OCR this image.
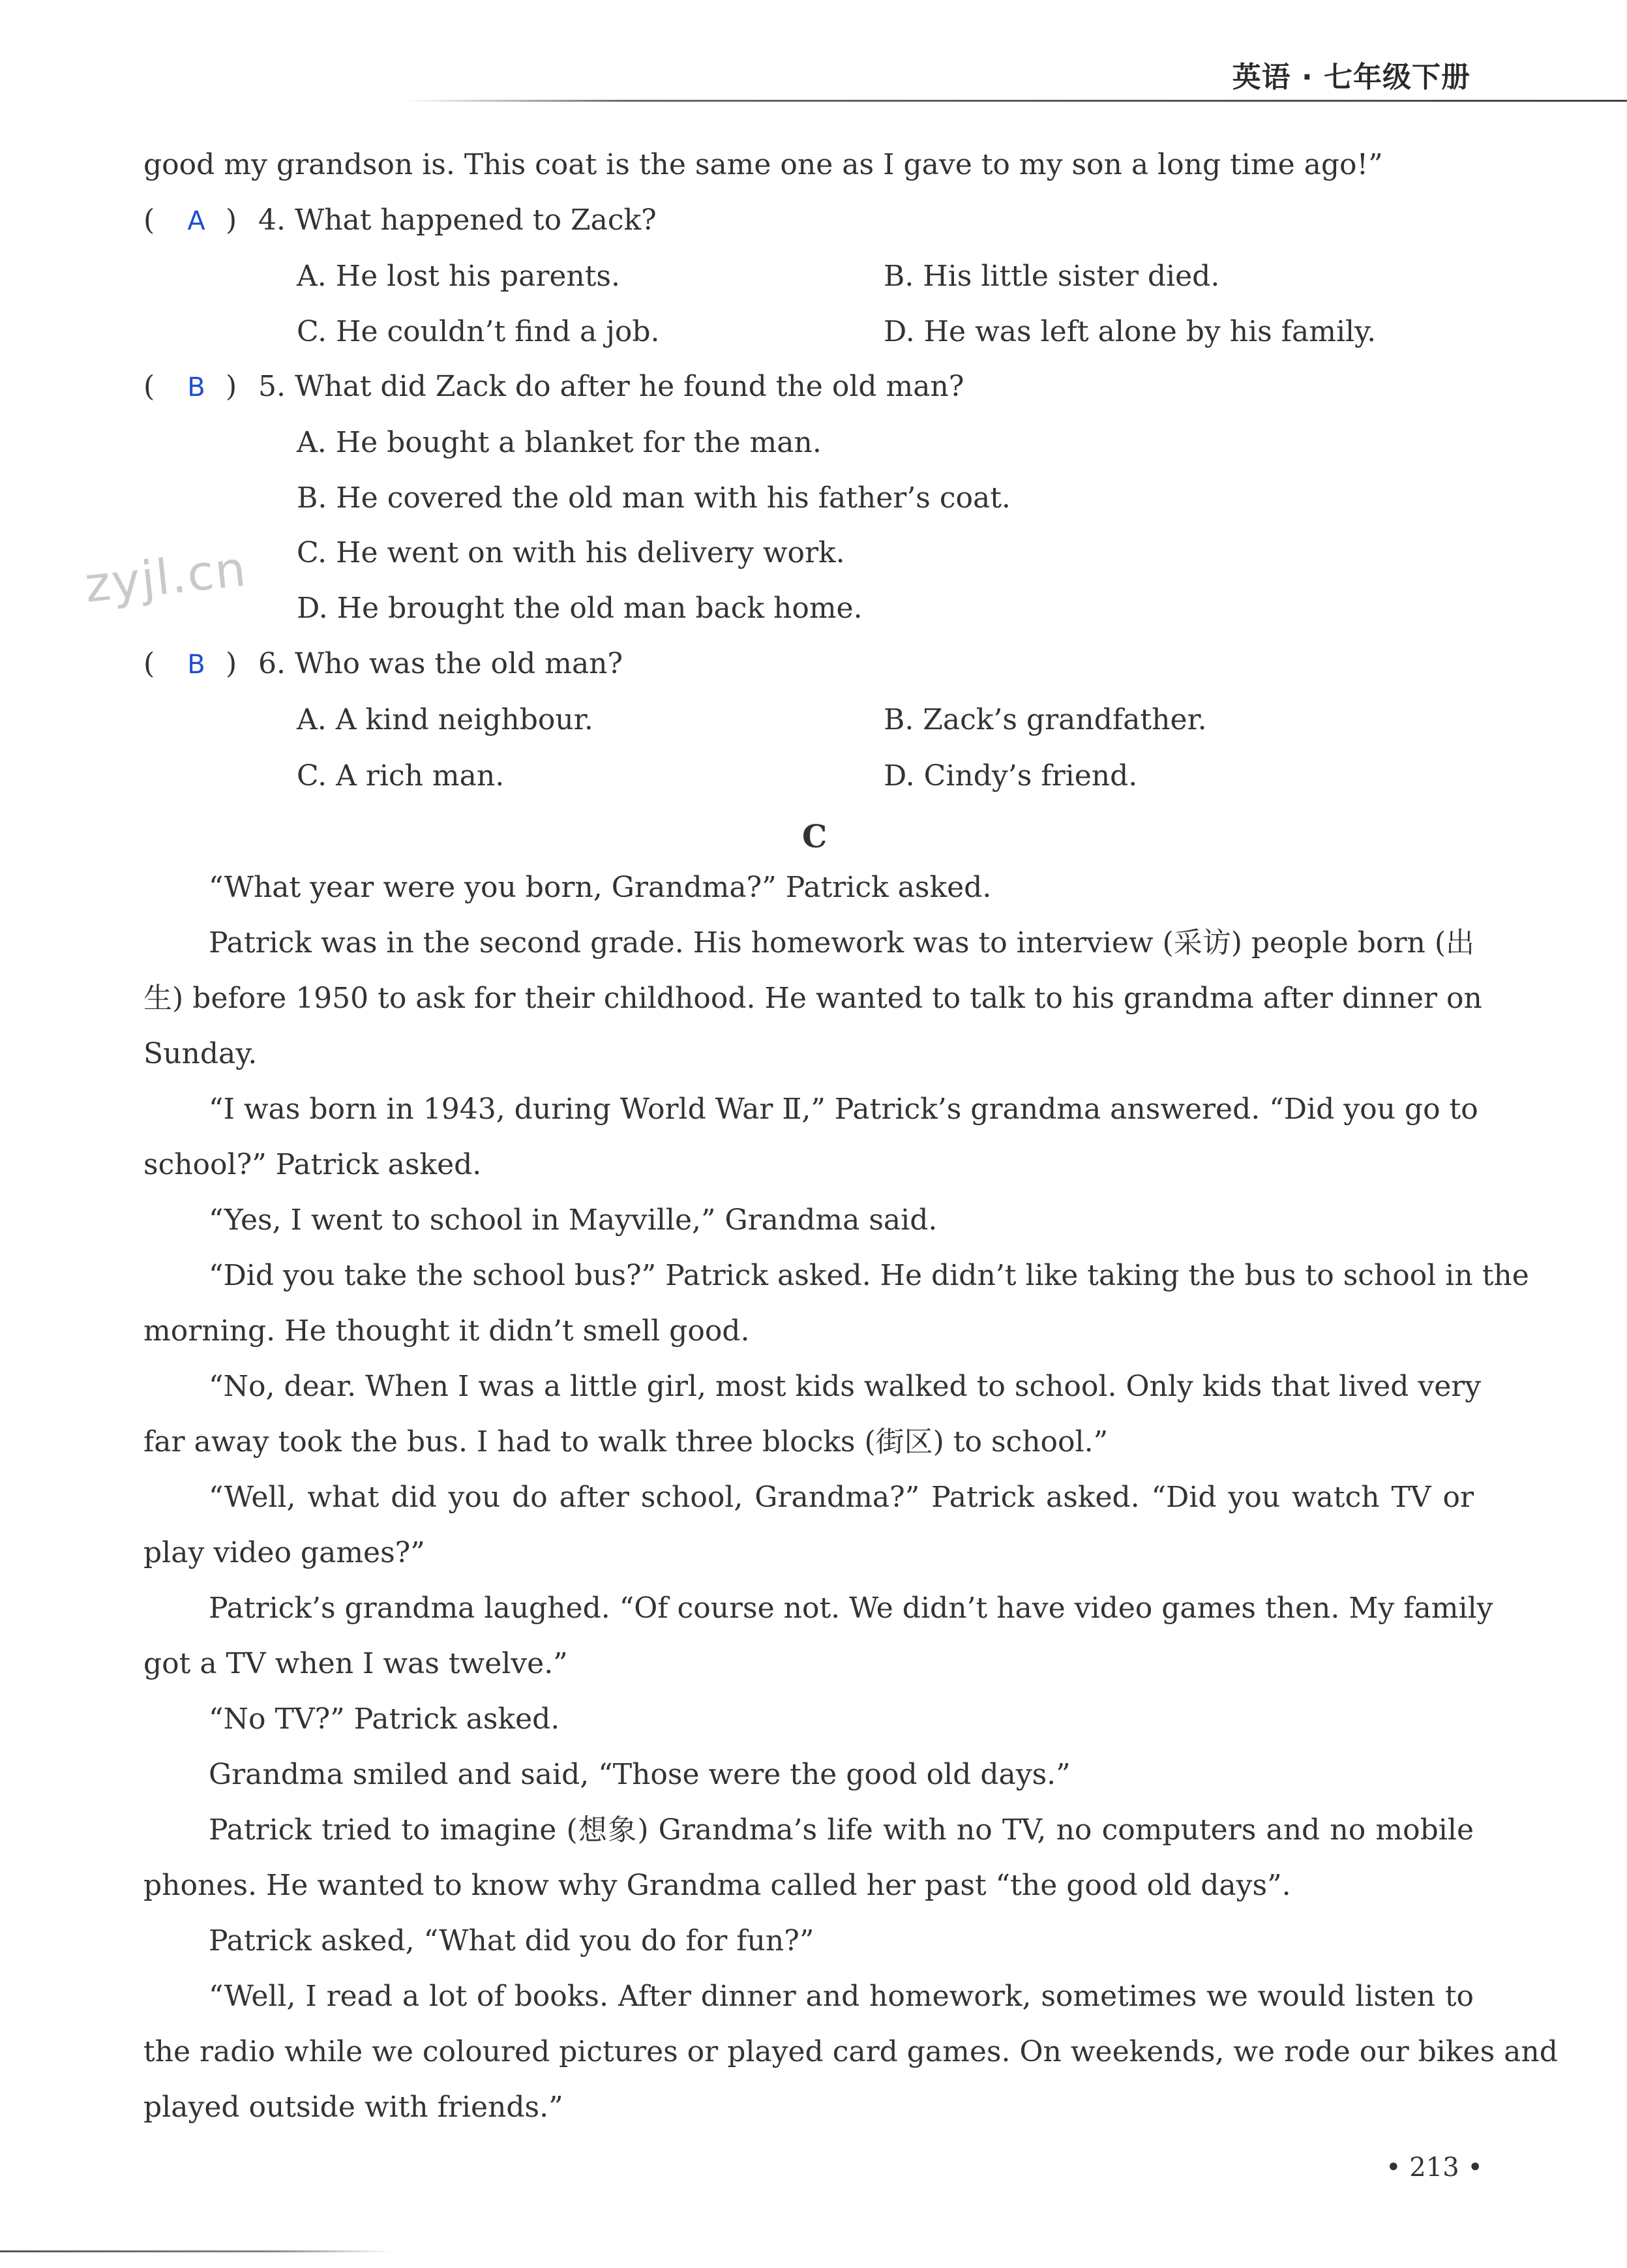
英语 · 七年级下册
zyjl.cn
good my grandson is. This coat is the same one as I gave to my son a long time ago!”
( A ) 4. What happened to Zack?
A. He lost his parents.	B. His little sister died.
C. He couldn’t find a job.	D. He was left alone by his family.
( B ) 5. What did Zack do after he found the old man?
A. He bought a blanket for the man.
B. He covered the old man with his father’s coat.
C. He went on with his delivery work.
D. He brought the old man back home.
( B ) 6. Who was the old man?
A. A kind neighbour.	B. Zack’s grandfather.
C. A rich man.	D. Cindy’s friend.
C
“What year were you born, Grandma?” Patrick asked.
Patrick was in the second grade. His homework was to interview (采访) people born (出
生) before 1950 to ask for their childhood. He wanted to talk to his grandma after dinner on
Sunday.
“I was born in 1943, during World War Ⅱ,” Patrick’s grandma answered. “Did you go to
school?” Patrick asked.
“Yes, I went to school in Mayville,” Grandma said.
“Did you take the school bus?” Patrick asked. He didn’t like taking the bus to school in the
morning. He thought it didn’t smell good.
“No, dear. When I was a little girl, most kids walked to school. Only kids that lived very
far away took the bus. I had to walk three blocks (街区) to school.”
“Well, what did you do after school, Grandma?” Patrick asked. “Did you watch TV or
play video games?”
Patrick’s grandma laughed. “Of course not. We didn’t have video games then. My family
got a TV when I was twelve.”
“No TV?” Patrick asked.
Grandma smiled and said, “Those were the good old days.”
Patrick tried to imagine (想象) Grandma’s life with no TV, no computers and no mobile
phones. He wanted to know why Grandma called her past “the good old days”.
Patrick asked, “What did you do for fun?”
“Well, I read a lot of books. After dinner and homework, sometimes we would listen to
the radio while we coloured pictures or played card games. On weekends, we rode our bikes and
played outside with friends.”
• 213 •
